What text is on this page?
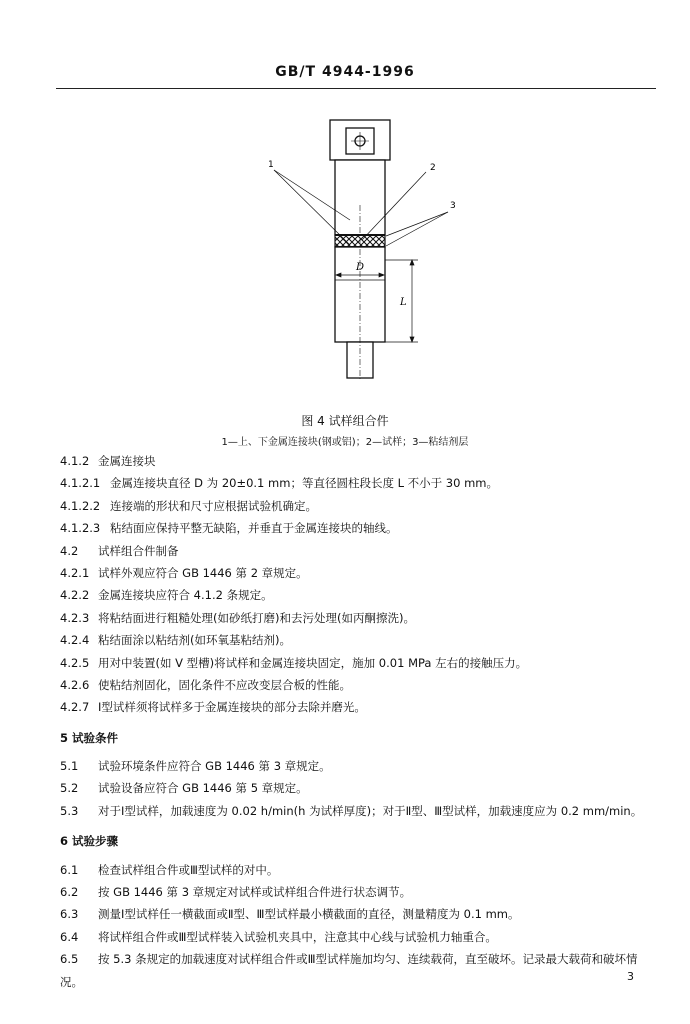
GB/T 4944-1996
D
L
1	2
3
图 4 试样组合件
1—上、下金属连接块(钢或铝)；2—试样；3—粘结剂层
4.1.2 金属连接块
4.1.2.1 金属连接块直径 D 为 20±0.1 mm；等直径圆柱段长度 L 不小于 30 mm。
4.1.2.2 连接端的形状和尺寸应根据试验机确定。
4.1.2.3 粘结面应保持平整无缺陷，并垂直于金属连接块的轴线。
4.2 试样组合件制备
4.2.1 试样外观应符合 GB 1446 第 2 章规定。
4.2.2 金属连接块应符合 4.1.2 条规定。
4.2.3 将粘结面进行粗糙处理(如砂纸打磨)和去污处理(如丙酮擦洗)。
4.2.4 粘结面涂以粘结剂(如环氧基粘结剂)。
4.2.5 用对中装置(如 V 型槽)将试样和金属连接块固定，施加 0.01 MPa 左右的接触压力。
4.2.6 使粘结剂固化，固化条件不应改变层合板的性能。
4.2.7 Ⅰ型试样须将试样多于金属连接块的部分去除并磨光。
5 试验条件
5.1 试验环境条件应符合 GB 1446 第 3 章规定。
5.2 试验设备应符合 GB 1446 第 5 章规定。
5.3 对于Ⅰ型试样，加载速度为 0.02 h/min(h 为试样厚度)；对于Ⅱ型、Ⅲ型试样，加载速度应为 0.2 mm/min。
6 试验步骤
6.1 检查试样组合件或Ⅲ型试样的对中。
6.2 按 GB 1446 第 3 章规定对试样或试样组合件进行状态调节。
6.3 测量Ⅰ型试样任一横截面或Ⅱ型、Ⅲ型试样最小横截面的直径，测量精度为 0.1 mm。
6.4 将试样组合件或Ⅲ型试样装入试验机夹具中，注意其中心线与试验机力轴重合。
6.5 按 5.3 条规定的加载速度对试样组合件或Ⅲ型试样施加均匀、连续载荷，直至破坏。记录最大载荷和破坏情况。	3
